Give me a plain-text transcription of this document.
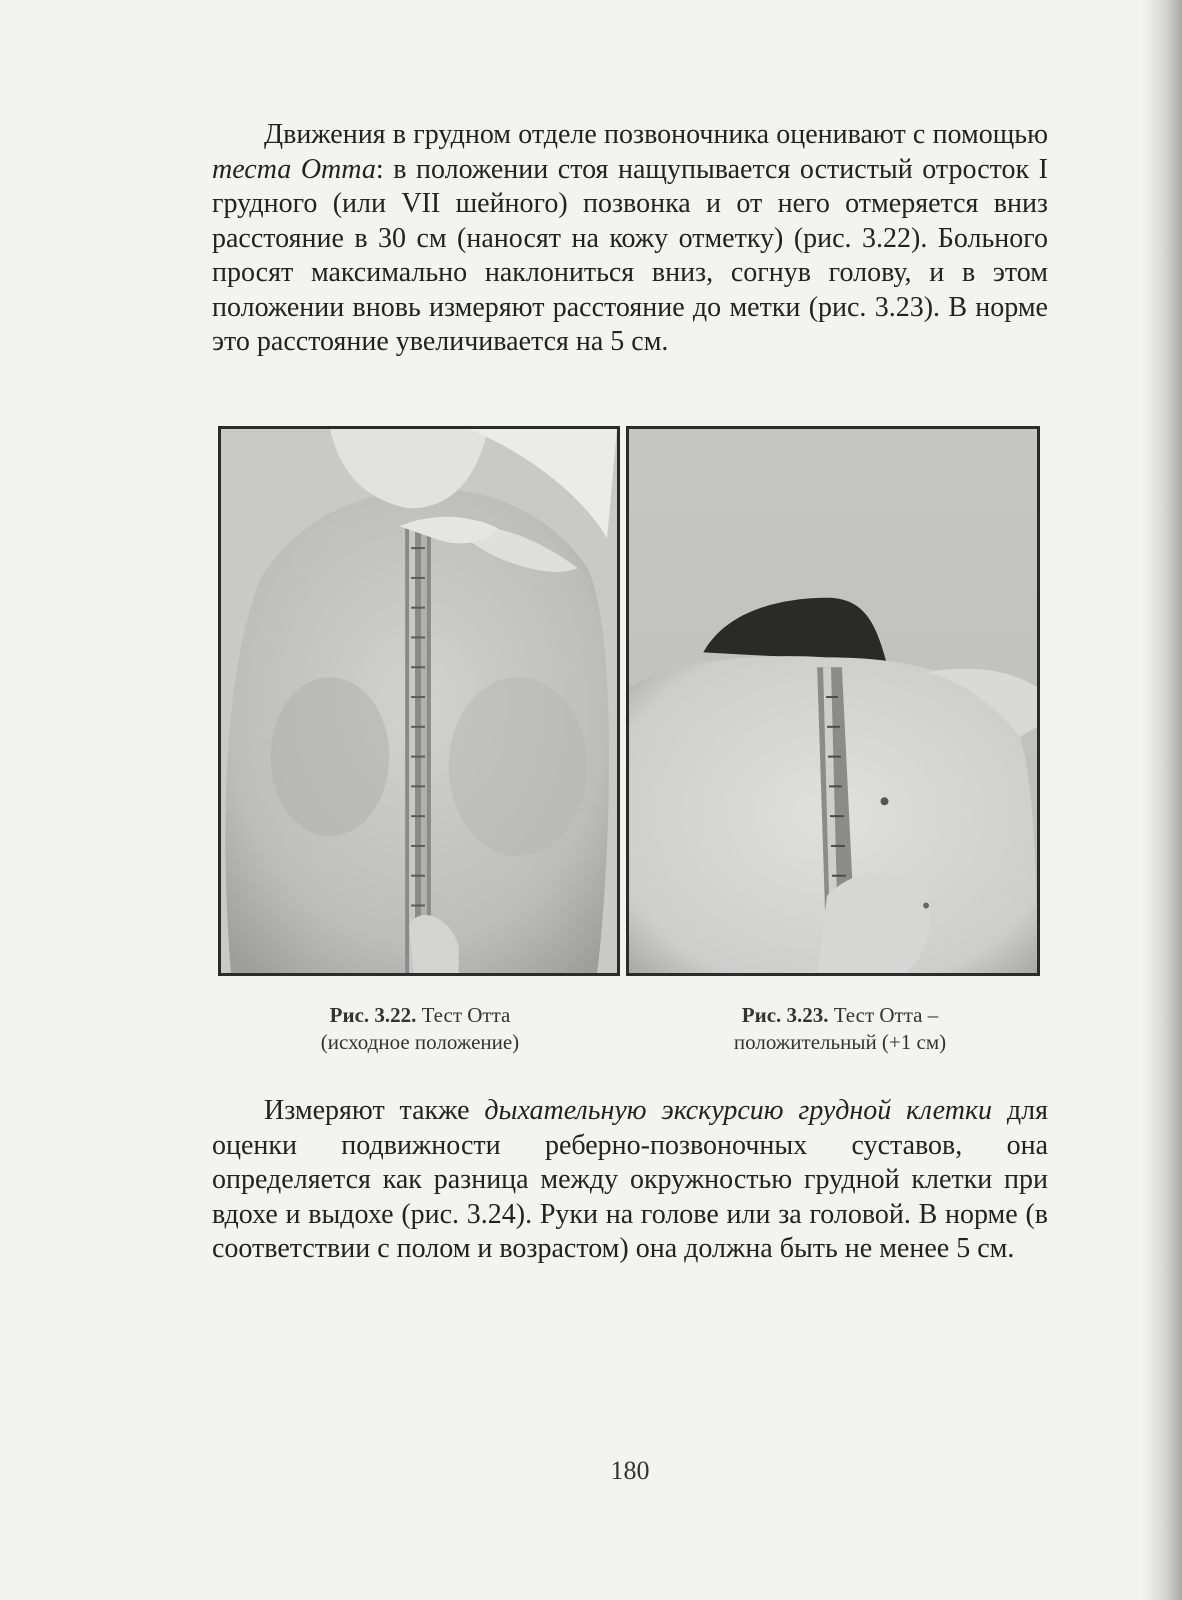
Движения в грудном отделе позвоночника оценивают с помощью теста Отта: в положении стоя нащупывается остистый отросток I грудного (или VII шейного) позвонка и от него отмеряется вниз расстояние в 30 см (наносят на кожу отметку) (рис. 3.22). Больного просят максимально наклониться вниз, согнув голову, и в этом положении вновь измеряют расстояние до метки (рис. 3.23). В норме это расстояние увеличивается на 5 см.

Рис. 3.22. Тест Отта
(исходное положение)
Рис. 3.23. Тест Отта –
положительный (+1 см)

Измеряют также дыхательную экскурсию грудной клетки для оценки подвижности реберно-позвоночных суставов, она определяется как разница между окружностью грудной клетки при вдохе и выдохе (рис. 3.24). Руки на голове или за головой. В норме (в соответствии с полом и возрастом) она должна быть не менее 5 см.

180
